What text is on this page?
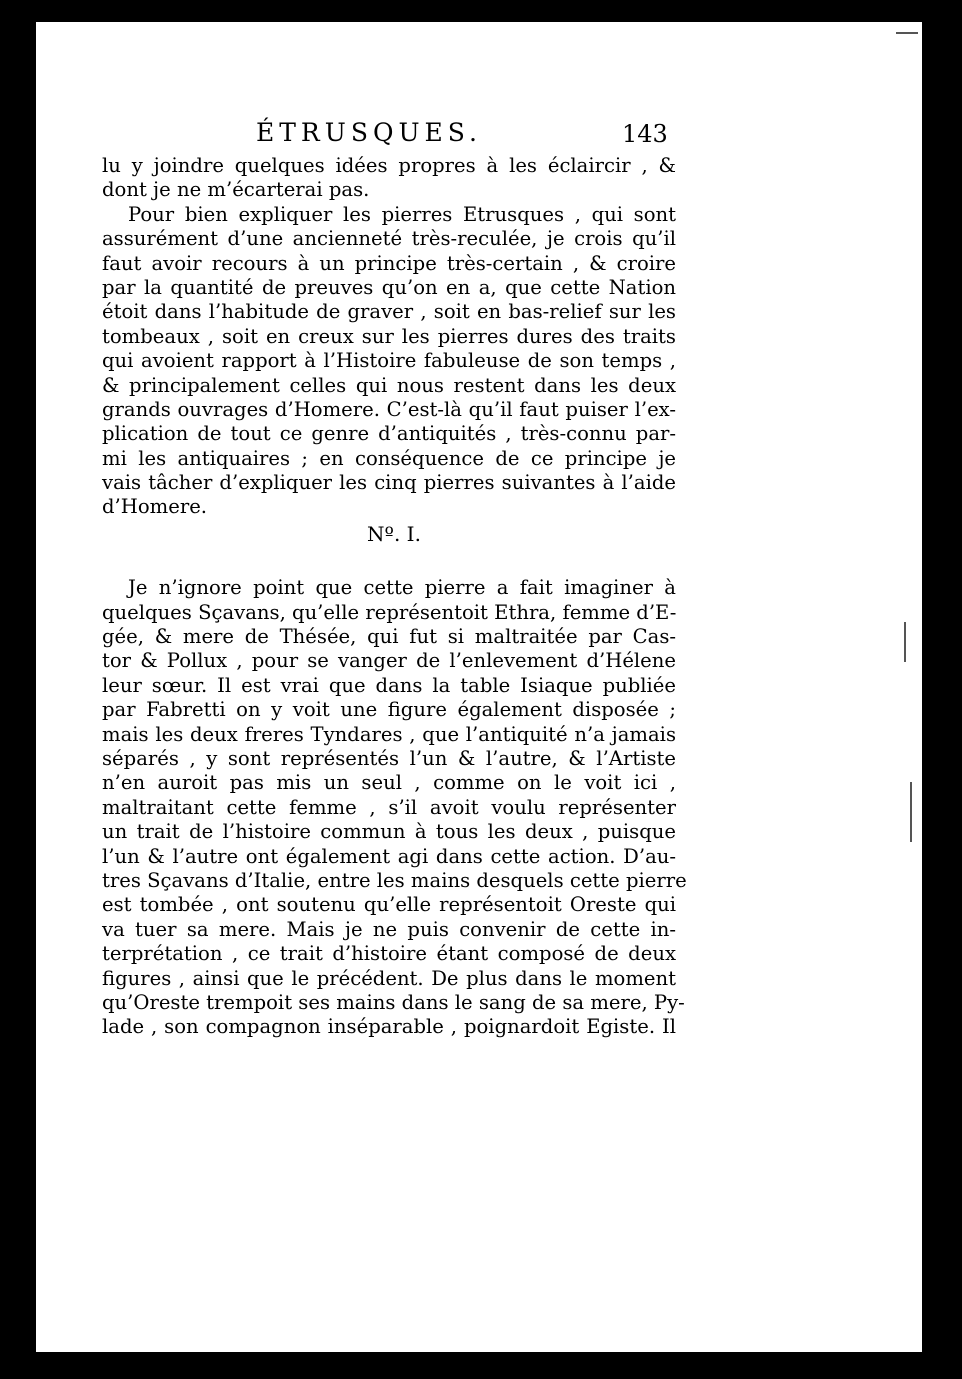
ÉTRUSQUES.	143
lu y joindre quelques idées propres à les éclaircir , &
dont je ne m’écarterai pas.
Pour bien expliquer les pierres Etrusques , qui sont
assurément d’une ancienneté très-reculée, je crois qu’il
faut avoir recours à un principe très-certain , & croire
par la quantité de preuves qu’on en a, que cette Nation
étoit dans l’habitude de graver , soit en bas-relief sur les
tombeaux , soit en creux sur les pierres dures des traits
qui avoient rapport à l’Histoire fabuleuse de son temps ,
& principalement celles qui nous restent dans les deux
grands ouvrages d’Homere. C’est-là qu’il faut puiser l’ex-
plication de tout ce genre d’antiquités , très-connu par-
mi les antiquaires ; en conséquence de ce principe je
vais tâcher d’expliquer les cinq pierres suivantes à l’aide
d’Homere.
Nº. I.
Je n’ignore point que cette pierre a fait imaginer à
quelques Sçavans, qu’elle représentoit Ethra, femme d’E-
gée, & mere de Thésée, qui fut si maltraitée par Cas-
tor & Pollux , pour se vanger de l’enlevement d’Hélene
leur sœur. Il est vrai que dans la table Isiaque publiée
par Fabretti on y voit une figure également disposée ;
mais les deux freres Tyndares , que l’antiquité n’a jamais
séparés , y sont représentés l’un & l’autre, & l’Artiste
n’en auroit pas mis un seul , comme on le voit ici ,
maltraitant cette femme , s’il avoit voulu représenter
un trait de l’histoire commun à tous les deux , puisque
l’un & l’autre ont également agi dans cette action. D’au-
tres Sçavans d’Italie, entre les mains desquels cette pierre
est tombée , ont soutenu qu’elle représentoit Oreste qui
va tuer sa mere. Mais je ne puis convenir de cette in-
terprétation , ce trait d’histoire étant composé de deux
figures , ainsi que le précédent. De plus dans le moment
qu’Oreste trempoit ses mains dans le sang de sa mere, Py-
lade , son compagnon inséparable , poignardoit Egiste. Il
